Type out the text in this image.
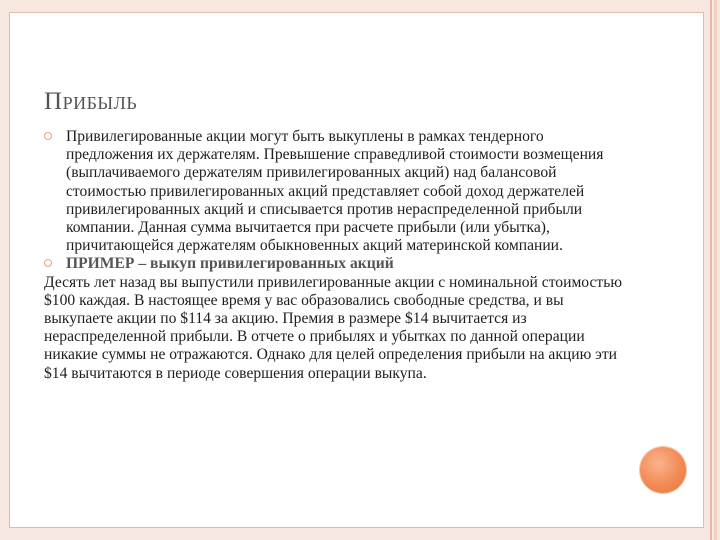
ПРИБЫЛЬ
Привилегированные акции могут быть выкуплены в рамках тендерного предложения их держателям. Превышение справедливой стоимости возмещения (выплачиваемого держателям привилегированных акций) над балансовой стоимостью привилегированных акций представляет собой доход держателей привилегированных акций и списывается против нераспределенной прибыли компании. Данная сумма вычитается при расчете прибыли (или убытка), причитающейся держателям обыкновенных акций материнской компании.
ПРИМЕР – выкуп привилегированных акций
Десять лет назад вы выпустили привилегированные акции с номинальной стоимостью $100 каждая. В настоящее время у вас образовались свободные средства, и вы выкупаете акции по $114 за акцию. Премия в размере $14 вычитается из нераспределенной прибыли. В отчете о прибылях и убытках по данной операции никакие суммы не отражаются. Однако для целей определения прибыли на акцию эти $14 вычитаются в периоде совершения операции выкупа.
